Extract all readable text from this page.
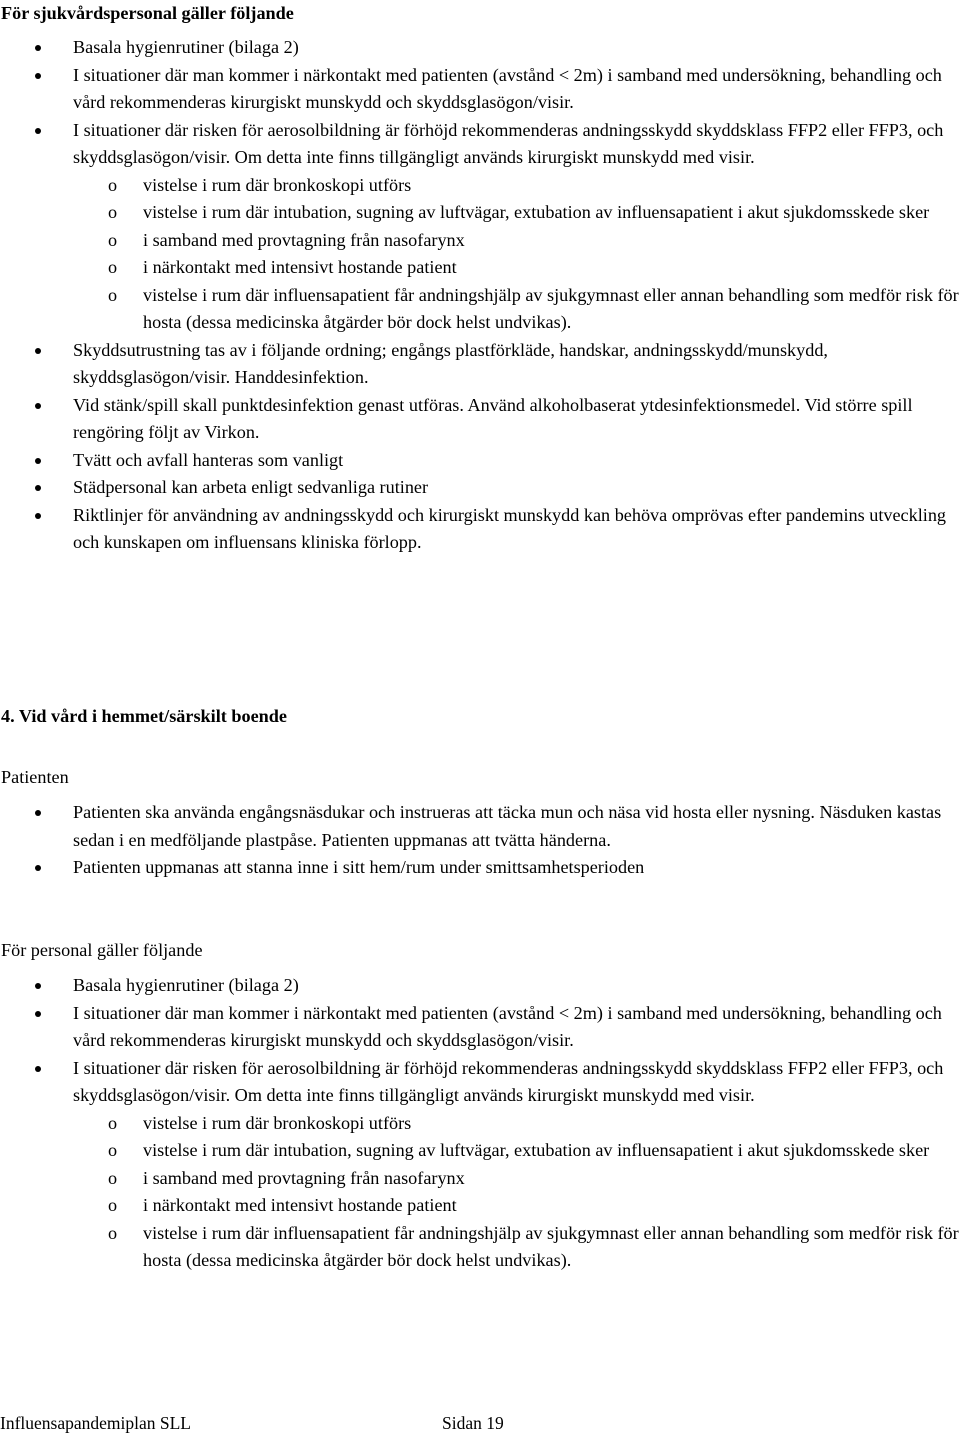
För sjukvårdspersonal gäller följande
Basala hygienrutiner (bilaga 2)
I situationer där man kommer i närkontakt med patienten (avstånd < 2m) i samband med undersökning, behandling och vård rekommenderas kirurgiskt munskydd och skyddsglasögon/visir.
I situationer där risken för aerosolbildning är förhöjd rekommenderas andningsskydd skyddsklass FFP2 eller FFP3, och skyddsglasögon/visir. Om detta inte finns tillgängligt används kirurgiskt munskydd med visir.
o vistelse i rum där bronkoskopi utförs
o vistelse i rum där intubation, sugning av luftvägar, extubation av influensapatient i akut sjukdomsskede sker
o i samband med provtagning från nasofarynx
o i närkontakt med intensivt hostande patient
o vistelse i rum där influensapatient får andningshjälp av sjukgymnast eller annan behandling som medför risk för hosta (dessa medicinska åtgärder bör dock helst undvikas).
Skyddsutrustning tas av i följande ordning; engångs plastförkläde, handskar, andningsskydd/munskydd, skyddsglasögon/visir. Handdesinfektion.
Vid stänk/spill skall punktdesinfektion genast utföras. Använd alkoholbaserat ytdesinfektionsmedel. Vid större spill rengöring följt av Virkon.
Tvätt och avfall hanteras som vanligt
Städpersonal kan arbeta enligt sedvanliga rutiner
Riktlinjer för användning av andningsskydd och kirurgiskt munskydd kan behöva omprövas efter pandemins utveckling och kunskapen om influensans kliniska förlopp.
4. Vid vård i hemmet/särskilt boende
Patienten
Patienten ska använda engångsnäsdukar och instrueras att täcka mun och näsa vid hosta eller nysning. Näsduken kastas sedan i en medföljande plastpåse. Patienten uppmanas att tvätta händerna.
Patienten uppmanas att stanna inne i sitt hem/rum under smittsamhetsperioden
För personal gäller följande
Basala hygienrutiner (bilaga 2)
I situationer där man kommer i närkontakt med patienten (avstånd < 2m) i samband med undersökning, behandling och vård rekommenderas kirurgiskt munskydd och skyddsglasögon/visir.
I situationer där risken för aerosolbildning är förhöjd rekommenderas andningsskydd skyddsklass FFP2 eller FFP3, och skyddsglasögon/visir. Om detta inte finns tillgängligt används kirurgiskt munskydd med visir.
o vistelse i rum där bronkoskopi utförs
o vistelse i rum där intubation, sugning av luftvägar, extubation av influensapatient i akut sjukdomsskede sker
o i samband med provtagning från nasofarynx
o i närkontakt med intensivt hostande patient
o vistelse i rum där influensapatient får andningshjälp av sjukgymnast eller annan behandling som medför risk för hosta (dessa medicinska åtgärder bör dock helst undvikas).
Influensapandemiplan SLL	Sidan 19
